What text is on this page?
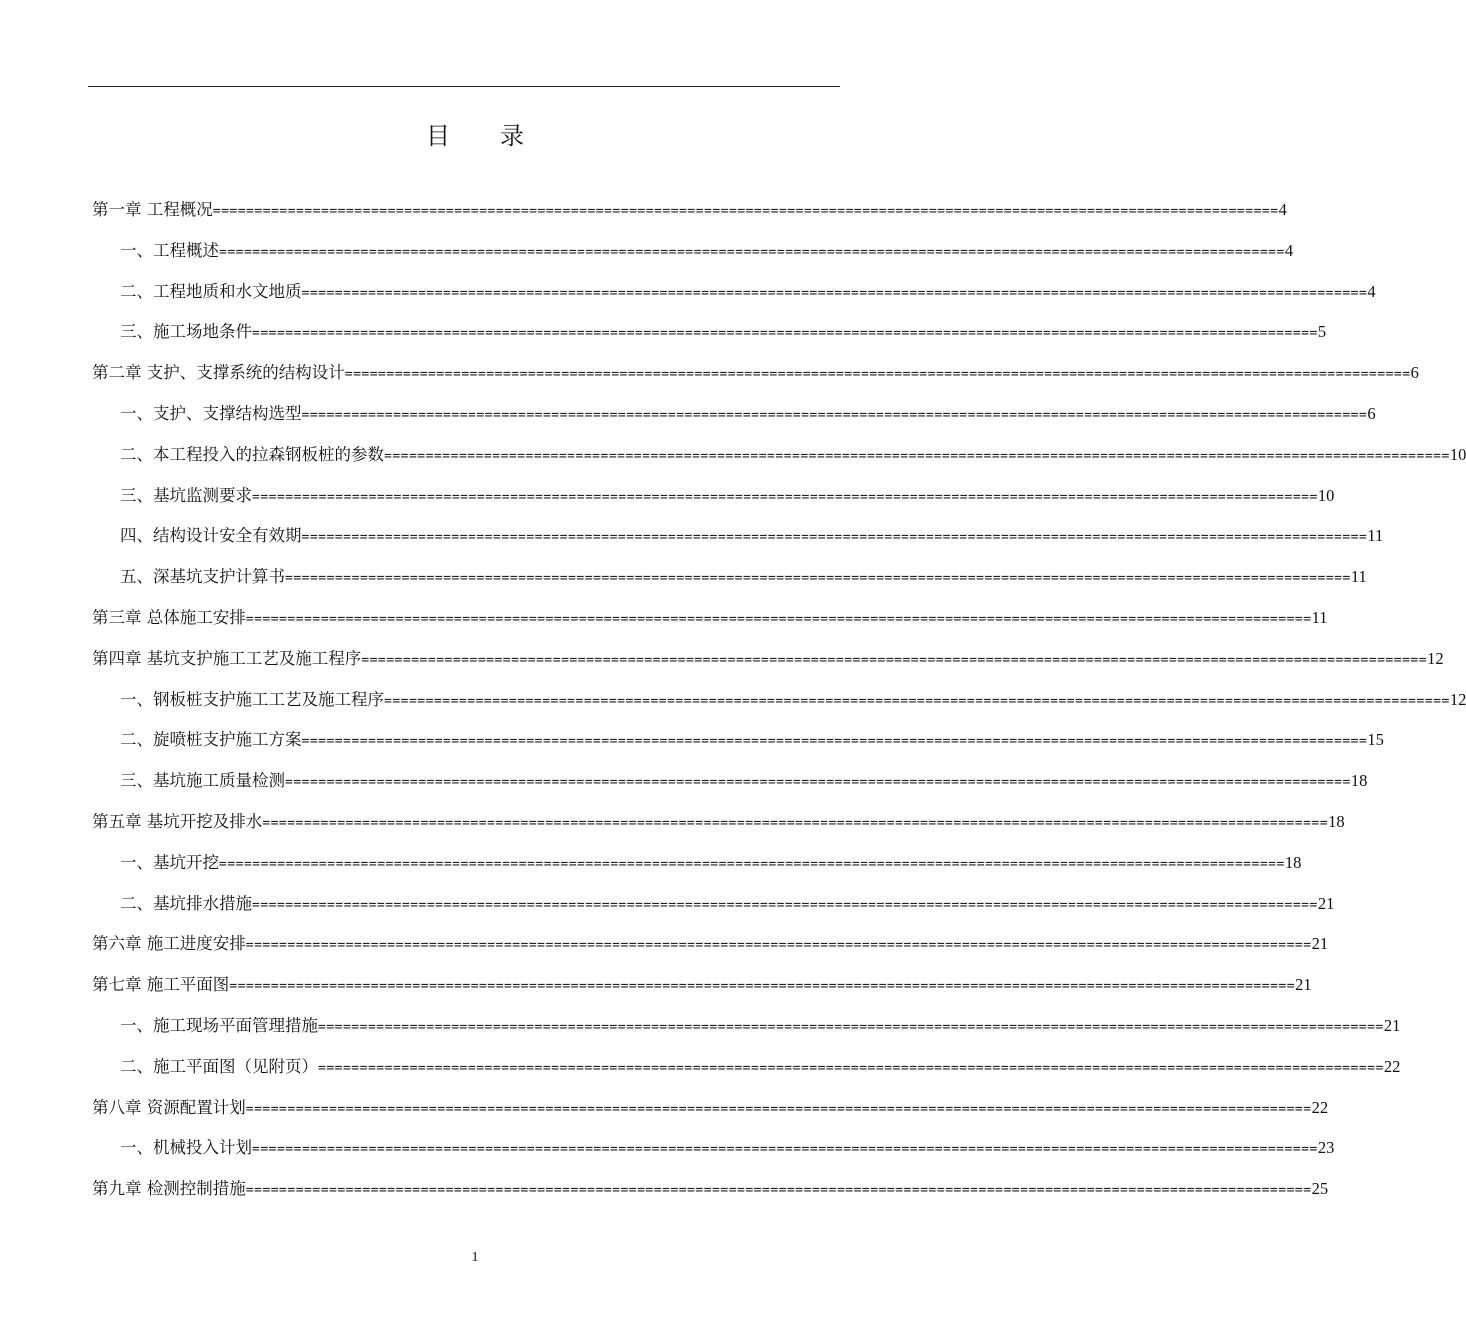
目录
第一章 工程概况 ================================================================================================================================ 4
一、工程概述 ================================================================================================================================ 4
二、工程地质和水文地质 ================================================================================================================================ 4
三、施工场地条件 ================================================================================================================================ 5
第二章 支护、支撑系统的结构设计 ================================================================================================================================ 6
一、支护、支撑结构选型 ================================================================================================================================ 6
二、本工程投入的拉森钢板桩的参数 ================================================================================================================================ 10
三、基坑监测要求 ================================================================================================================================ 10
四、结构设计安全有效期 ================================================================================================================================ 11
五、深基坑支护计算书 ================================================================================================================================ 11
第三章 总体施工安排 ================================================================================================================================ 11
第四章 基坑支护施工工艺及施工程序 ================================================================================================================================ 12
一、钢板桩支护施工工艺及施工程序 ================================================================================================================================ 12
二、旋喷桩支护施工方案 ================================================================================================================================ 15
三、基坑施工质量检测 ================================================================================================================================ 18
第五章 基坑开挖及排水 ================================================================================================================================ 18
一、基坑开挖 ================================================================================================================================ 18
二、基坑排水措施 ================================================================================================================================ 21
第六章 施工进度安排 ================================================================================================================================ 21
第七章 施工平面图 ================================================================================================================================ 21
一、施工现场平面管理措施 ================================================================================================================================ 21
二、施工平面图（见附页） ================================================================================================================================ 22
第八章 资源配置计划 ================================================================================================================================ 22
一、机械投入计划 ================================================================================================================================ 23
第九章 检测控制措施 ================================================================================================================================ 25
1
